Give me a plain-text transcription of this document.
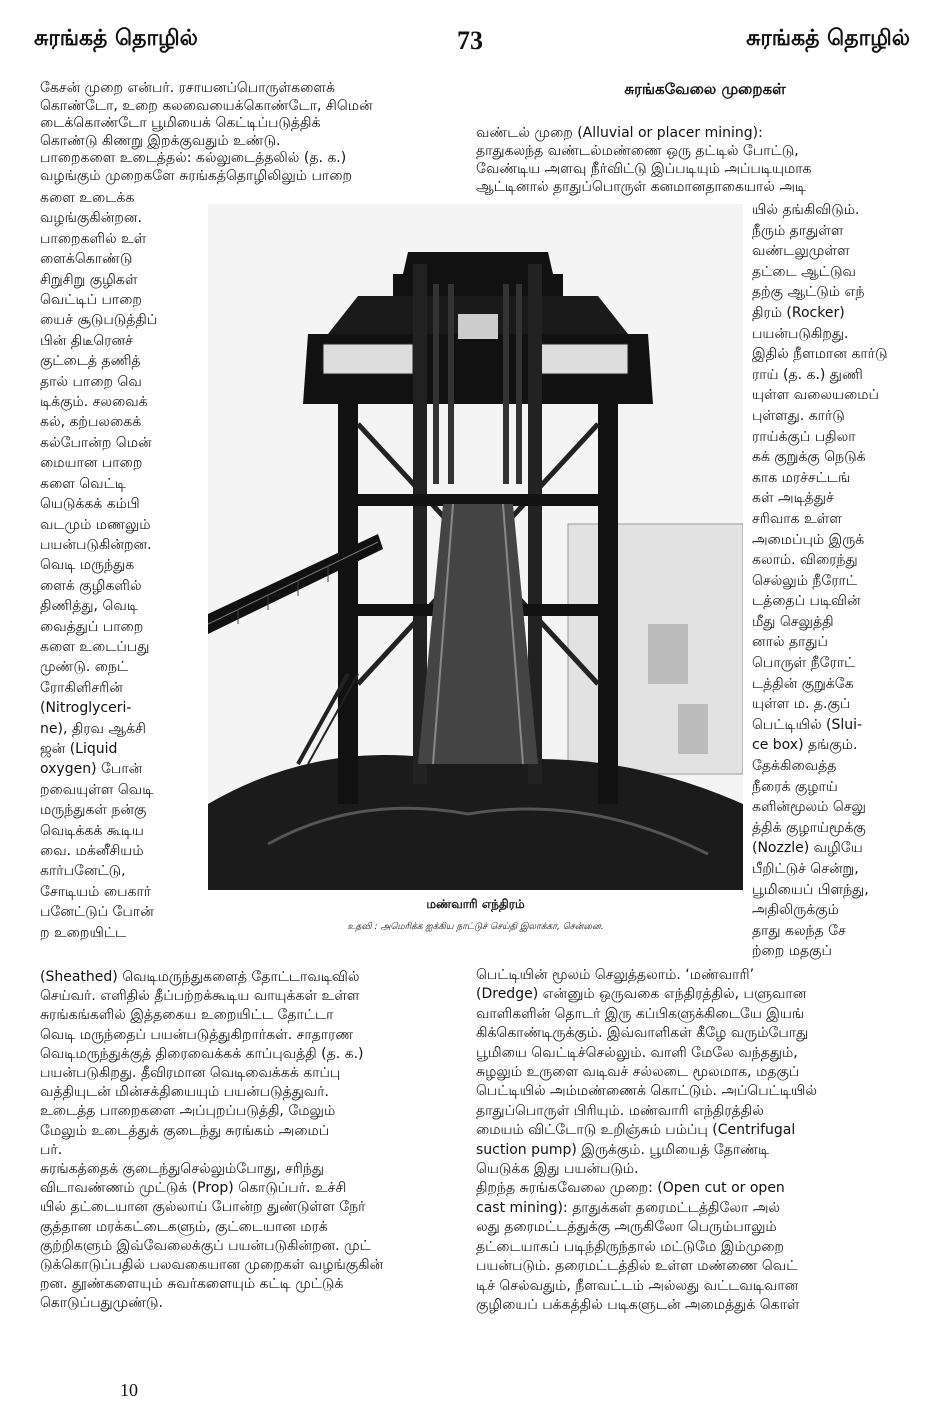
சுரங்கத் தொழில்	73	சுரங்கத் தொழில்
கேசன் முறை என்பர். ரசாயனப்பொருள்களைக்
கொண்டோ, உறை கலவையைக்கொண்டோ, சிமென்
டைக்கொண்டோ பூமியைக் கெட்டிப்படுத்திக்
கொண்டு கிணறு இறக்குவதும் உண்டு.
பாறைகளை உடைத்தல்: கல்லுடைத்தலில் (த. க.)
வழங்கும் முறைகளே சுரங்கத்தொழிலிலும் பாறை
களை உடைக்க
வழங்குகின்றன.
பாறைகளில் உள்
ளைக்கொண்டு
சிறுசிறு குழிகள்
வெட்டிப் பாறை
யைச் சூடுபடுத்திப்
பின் திடீரெனச்
குட்டைத் தணித்
தால் பாறை வெ
டிக்கும். சலவைக்
கல், கற்பலகைக்
கல்போன்ற மென்
மையான பாறை
களை வெட்டி
யெடுக்கக் கம்பி
வடமும் மணலும்
பயன்படுகின்றன.
வெடி மருந்துக
ளைக் குழிகளில்
திணித்து, வெடி
வைத்துப் பாறை
களை உடைப்பது
முண்டு. நைட்
ரோகிளிசரின்
(Nitroglyceri-
ne), திரவ ஆக்சி
ஜன் (Liquid
oxygen) போன்
றவையுள்ள வெடி
மருந்துகள் நன்கு
வெடிக்கக் கூடிய
வை. மக்னீசியம்
கார்பனேட்டு,
சோடியம் பைகார்
பனேட்டுப் போன்
ற உறையிட்ட
(Sheathed) வெடிமருந்துகளைத் தோட்டாவடிவில்
செய்வர். எளிதில் தீப்பற்றக்கூடிய வாயுக்கள் உள்ள
சுரங்கங்களில் இத்தகைய உறையிட்ட தோட்டா
வெடி மருந்தைப் பயன்படுத்துகிறார்கள். சாதாரண
வெடிமருந்துக்குத் திரைவைக்கக் காப்புவத்தி (த. க.)
பயன்படுகிறது. தீவிரமான வெடிவைக்கக் காப்பு
வத்தியுடன் மின்சக்தியையும் பயன்படுத்துவர்.
உடைத்த பாறைகளை அப்புறப்படுத்தி, மேலும்
மேலும் உடைத்துக் குடைந்து சுரங்கம் அமைப்
பர்.
சுரங்கத்தைக் குடைந்துசெல்லும்போது, சரிந்து
விடாவண்ணம் முட்டுக் (Prop) கொடுப்பர். உச்சி
யில் தட்டையான குல்லாய் போன்ற துண்டுள்ள நேர்
குத்தான மரக்கட்டைகளும், குட்டையான மரக்
குற்றிகளும் இவ்வேலைக்குப் பயன்படுகின்றன. முட்
டுக்கொடுப்பதில் பலவகையான முறைகள் வழங்குகின்
றன. தூண்களையும் சுவர்களையும் கட்டி முட்டுக்
கொடுப்பதுமுண்டு.
சுரங்கவேலை முறைகள்
வண்டல் முறை (Alluvial or placer mining):
தாதுகலந்த வண்டல்மண்ணை ஒரு தட்டில் போட்டு,
வேண்டிய அளவு நீர்விட்டு இப்படியும் அப்படியுமாக
ஆட்டினால் தாதுப்பொருள் கனமானதாகையால் அடி
யில் தங்கிவிடும்.
நீரும் தாதுள்ள
வண்டலுமுள்ள
தட்டை ஆட்டுவ
தற்கு ஆட்டும் எந்
திரம் (Rocker)
பயன்படுகிறது.
இதில் நீளமான கார்டு
ராய் (த. க.) துணி
யுள்ள வலையமைப்
புள்ளது. கார்டு
ராய்க்குப் பதிலா
கக் குறுக்கு நெடுக்
காக மரச்சட்டங்
கள் அடித்துச்
சரிவாக உள்ள
அமைப்பும் இருக்
கலாம். விரைந்து
செல்லும் நீரோட்
டத்தைப் படிவின்
மீது செலுத்தி
னால் தாதுப்
பொருள் நீரோட்
டத்தின் குறுக்கே
யுள்ள ம. த.குப்
பெட்டியில் (Slui-
ce box) தங்கும்.
தேக்கிவைத்த
நீரைக் குழாய்
களின்மூலம் செலு
த்திக் குழாய்மூக்கு
(Nozzle) வழியே
பீறிட்டுச் சென்று,
பூமியைப் பிளந்து,
அதிலிருக்கும்
தாது கலந்த சே
ற்றை மதகுப்
பெட்டியின் மூலம் செலுத்தலாம். ‘மண்வாரி’
(Dredge) என்னும் ஒருவகை எந்திரத்தில், பளுவான
வாளிகளின் தொடர் இரு கப்பிகளுக்கிடையே இயங்
கிக்கொண்டிருக்கும். இவ்வாளிகள் கீழே வரும்போது
பூமியை வெட்டிச்செல்லும். வாளி மேலே வந்ததும்,
சுழலும் உருளை வடிவச் சல்லடை மூலமாக, மதகுப்
பெட்டியில் அம்மண்ணைக் கொட்டும். அப்பெட்டியில்
தாதுப்பொருள் பிரியும். மண்வாரி எந்திரத்தில்
மையம் விட்டோடு உறிஞ்சும் பம்ப்பு (Centrifugal
suction pump) இருக்கும். பூமியைத் தோண்டி
யெடுக்க இது பயன்படும்.
திறந்த சுரங்கவேலை முறை: (Open cut or open
cast mining): தாதுக்கள் தரைமட்டத்திலோ அல்
லது தரைமட்டத்துக்கு அருகிலோ பெரும்பாலும்
தட்டையாகப் படிந்திருந்தால் மட்டுமே இம்முறை
பயன்படும். தரைமட்டத்தில் உள்ள மண்ணை வெட்
டிச் செல்வதும், நீளவட்டம் அல்லது வட்டவடிவான
குழியைப் பக்கத்தில் படிகளுடன் அமைத்துக் கொள்
மண்வாரி எந்திரம்
உதவி : அமெரிக்க ஐக்கிய நாட்டுச் செய்தி இலாக்கா, சென்னை.
10
